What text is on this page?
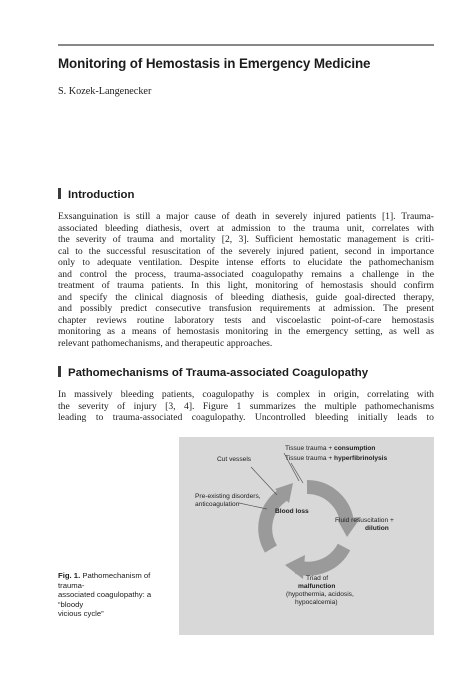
Monitoring of Hemostasis in Emergency Medicine
S. Kozek-Langenecker
Introduction
Exsanguination is still a major cause of death in severely injured patients [1]. Trauma-
associated bleeding diathesis, overt at admission to the trauma unit, correlates with
the severity of trauma and mortality [2, 3]. Sufficient hemostatic management is criti-
cal to the successful resuscitation of the severely injured patient, second in importance
only to adequate ventilation. Despite intense efforts to elucidate the pathomechanism
and control the process, trauma-associated coagulopathy remains a challenge in the
treatment of trauma patients. In this light, monitoring of hemostasis should confirm
and specify the clinical diagnosis of bleeding diathesis, guide goal-directed therapy,
and possibly predict consecutive transfusion requirements at admission. The present
chapter reviews routine laboratory tests and viscoelastic point-of-care hemostasis
monitoring as a means of hemostasis monitoring in the emergency setting, as well as
relevant pathomechanisms, and therapeutic approaches.
Pathomechanisms of Trauma-associated Coagulopathy
In massively bleeding patients, coagulopathy is complex in origin, correlating with
the severity of injury [3, 4]. Figure 1 summarizes the multiple pathomechanisms
leading to trauma-associated coagulopathy. Uncontrolled bleeding initially leads to
Cut vessels
Tissue trauma + consumption
Tissue trauma + hyperfibrinolysis
Pre-existing disorders,
anticoagulation
Blood loss
Fluid resuscitation +
dilution
Triad of
malfunction
(hypothermia, acidosis,
hypocalcemia)
Fig. 1. Pathomechanism of trauma-
associated coagulopathy: a “bloody
vicious cycle”
